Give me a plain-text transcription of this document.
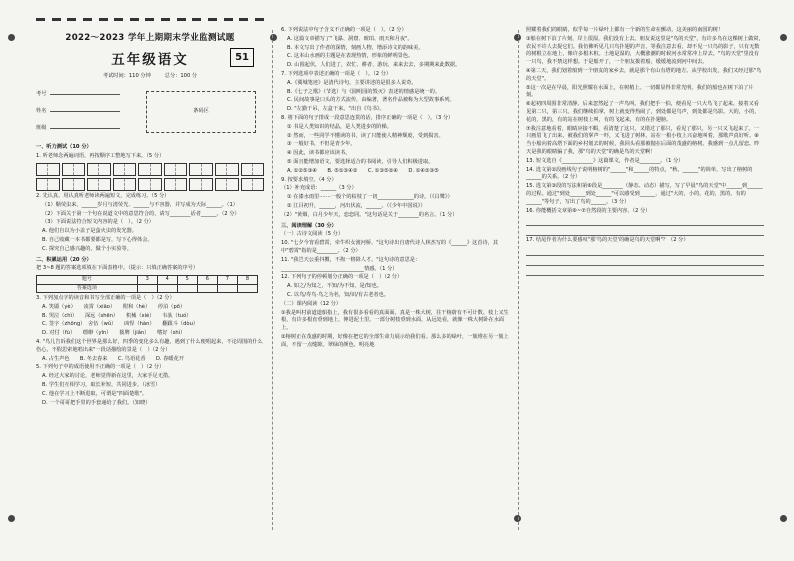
2022～2023 学年上期期末学业监测试题
五年级语文	51
考试时间：110 分钟	总分：100 分
考号
姓名
班级
条码区
一、听力测试（10 分）

1. 听老师念两遍词语，再按顺序工整地写下来。（5 分）

2. 先认真、用认真听老师读两遍短文，完成练习。（5 分）

（1）顺荧虫来、______岁月与清荧光、______与不容器，并写成为天际______。（1）

（2）下面关于第一个句在说道文中的意思符合的，请写________话者______。（2 分）

（3）下面说法符合短文内容的是（　）。（2 分）

A. 他们自以为小盖子是萤火虫的发光器。

B. 自己收藏一本书都要都是写，写下心得体会。

C. 探究自己感兴趣的，做个小实验等。

二、积累运用（20 分）

把 3~8 题的答案选项填在下面表格中。（提示：只填正确答案的序号）

题号	3	4	5	6	7	8
答案选项						

3. 下列加点字的读音和书写全部正确的一项是（　）（2 分）

A. 笑靥（yè）　　凌霄（xiāo）　　附和（hè）　　停泊（pō）

B. 哭泣（chì）　　深远（shēn）　　机械（xiè）　　韦驮（tuó）

C. 签字（zhōng）　舍伍（wǔ）　　凶悍（hàn）　　翻跟斗（dòu）

D. 对付（fù）　　缥缈（yīn）　　拨牌（jiǎn）　　嗜好（shì）

4. "鸟儿告诉我们这个世界是那么好，四季的变化多么有趣，遇到了什么便唱起来，不论周围的什么伤心，不假思索地唱出来"一段话描绘的景是（　）（2 分）

A. 占生声色　　B. 冬去春来　　C. 鸟语花香　　D. 春暖花开

5. 下列句子中的成语使用不正确的一项是（　）（2 分）

A. 经过大家的讨论，老师觉得新在这里，大家手足无措。

B. 学生们互相学习，取长补短，共同进步。（冰雪）

C. 他在学习上不断进取，可谓是"四面楚歌"。

D. 一个哥哥把手里的手套递给了我们。（知晓）

6. 下列说法中句子含义不正确的一项是（　）。（2 分）

A. 这篇文章描写了"飞瀑、洞窟、琥珀、雨天和月夜"。

B. 本文写出了作者的深情，刻画人物，增添诗文的韵味美。

C. 这本山水画的主题是在表现热情，形象的鲜明景色。

D. 山围起伏，人们进了，农忙、耕者、游玩、来来去去，多期期来此数据。

7. 下列选项中表述正确的一项是（　）。（2 分）

A.《冀城笔迹》是清代诗句，主要讲述的是很多人说奇。

B.《七子之歌》（节选）与《圆明园的毁灭》表述的情感是统一的。

C. 民间故事是口头的方式流传，由编著，著名作品被称为大型故事系列。

D. "左勤干吊，左盒干来。"出自《鸟书》。

8. 将下面的句子排成一段意思连贯的话，排序正确的一项是（　）。（3 分）

① 书是人类知识的结晶，是人类进步的阶梯。

② 然而，一些同学不懂读的书，读了只能使人精神颓废，受到损害。

③ 一般好书，不但是青少年。

④ 因此，读书都应该读书。

⑤ 面且能增加语文，要选择适合的书阅读，引导人们积极进取。

A. ①②⑤③④　　B. ⑤①③④②　　C. ①③⑤②④　　D. ①④②③⑤

9. 按要求填空。（4 分）

（1）补充成语：______（3 分）

① 在漆水雨里·······一般个的枯枝了一切______________的诗。（《白鹭》）

② 江目初升，______，河出伏流，______。（《少年中国说》）

（2）"黄烟，白月少年天，恋恋同。"这句话是关于________的名言。（1 分）

三、阅读理解（30 分）

（一）古诗文阅读（5 分）

10. "七夕今宵看碧霄，牵牛织女渡河桥。"这句诗出自唐代诗人林杰写的《______》这首诗，其中"碧霄"指的是________。（2 分）

11. "我岂天公重抖擞，不拘一格降人才。"这句诗的意思是：

________________________________情感。（1 分）

12. 下列句子的停顿划分正确的一项是（　）（2 分）

A. 如之/为知之，不知/为不知，是/知也。

C. 以鸟/寿鸟·鸟之为名，知/识/有古老者也。

（二）课内阅读（12 分）

①我是叫村前道道船指上，我有很多看看的真面面，真是一株大树，往干榕蔚有不可计数。枝上又生根，有许多根直垂到地上，伸进泥土里。一部分树枝垂到水面，从远处看，就像一株大树卧在水面上。

②榕树正在茂盛的时期，好像在把它的全部生命力展示给我们看。那么多的绿叶，一簇堆在另一簇上面，不留一点缝隙。翠绿的颜色，明亮地

照耀着我们的眼睛，似乎每一片绿叶上都有一个新的生命在颤动，这美丽的南国的树！

③船在树下泊了片刻，岸上很湿，我们没有上去。朋友说这里是"鸟的天堂"，有许多鸟在这棵树上做窝，农民不许人去捉它们。我仿佛听见几只鸟扑翅的声音，等我注意去看，却不见一只鸟的影子，只有无数的树根立在地上，像许多根木桩。土地是湿的，大概涨潮的时候河水常常冲上岸去。"鸟的天堂"里没有一只鸟，我不禁这样想。于是船开了，一个朋友拨着船，缓缓地流到河中间去。

④第二天，我们划着船到一个朋友的家乡去，就是那个有山有塔的地方。从学校出发，我们又经过那"鸟的天堂"。

⑤这一次是在早晨，阳光照耀在水面上，在树梢上。一切都显得非常光明。我们的船也在树下泊了片刻。

⑥起初四周围非常清静。后来忽然起了一声鸟叫。我们把手一拍，便看见一只大鸟飞了起来，接着又看见第二只，第三只。我们继续拍掌，树上就变得热闹了，到处都是鸟声，到处都是鸟影。大的，小的，花的，黑的，有的站在树枝上叫，有的飞起来，有的在扑翅膀。

⑦我注意地看着，眼睛应接不暇，看清楚了这只，又错过了那只，看见了那只，另一只又飞起来了。一只画眉飞了出来，被我们的掌声一吓，又飞进了树林，站在一根小枝上兴奋地叫着，那歌声真好听。⑧当小船向着高塔下面的乡村划去的时候，我回头看那被抛在后面的茂盛的榕树。我感到一点儿留恋。昨天是我的眼睛骗了我，那"鸟的天堂"的确是鸟的天堂啊！

13. 短文选自《____________》这篇课文，作者是________。（1 分）

14. 选文第②段画线句子说明榕树的"______"和______的特点，"秋、______"的简单，写出了榕树的______的关系。（2 分）

15. 选文第③段的写法和第⑥段是________（静态、动态）描写，写了早晨"鸟的天堂"中______到______的过程。通过"到处______到处______"可以感受到______，通过"大的，小的，花的，黑的，有的______"等句子，写出了鸟的______。（3 分）

16. 你能概括文章第⑥~⑦自然段的主要内容。（2 分）

17. 结尾作者为什么要感叹"那'鸟的天堂'的确是鸟的天堂啊"？（2 分）
